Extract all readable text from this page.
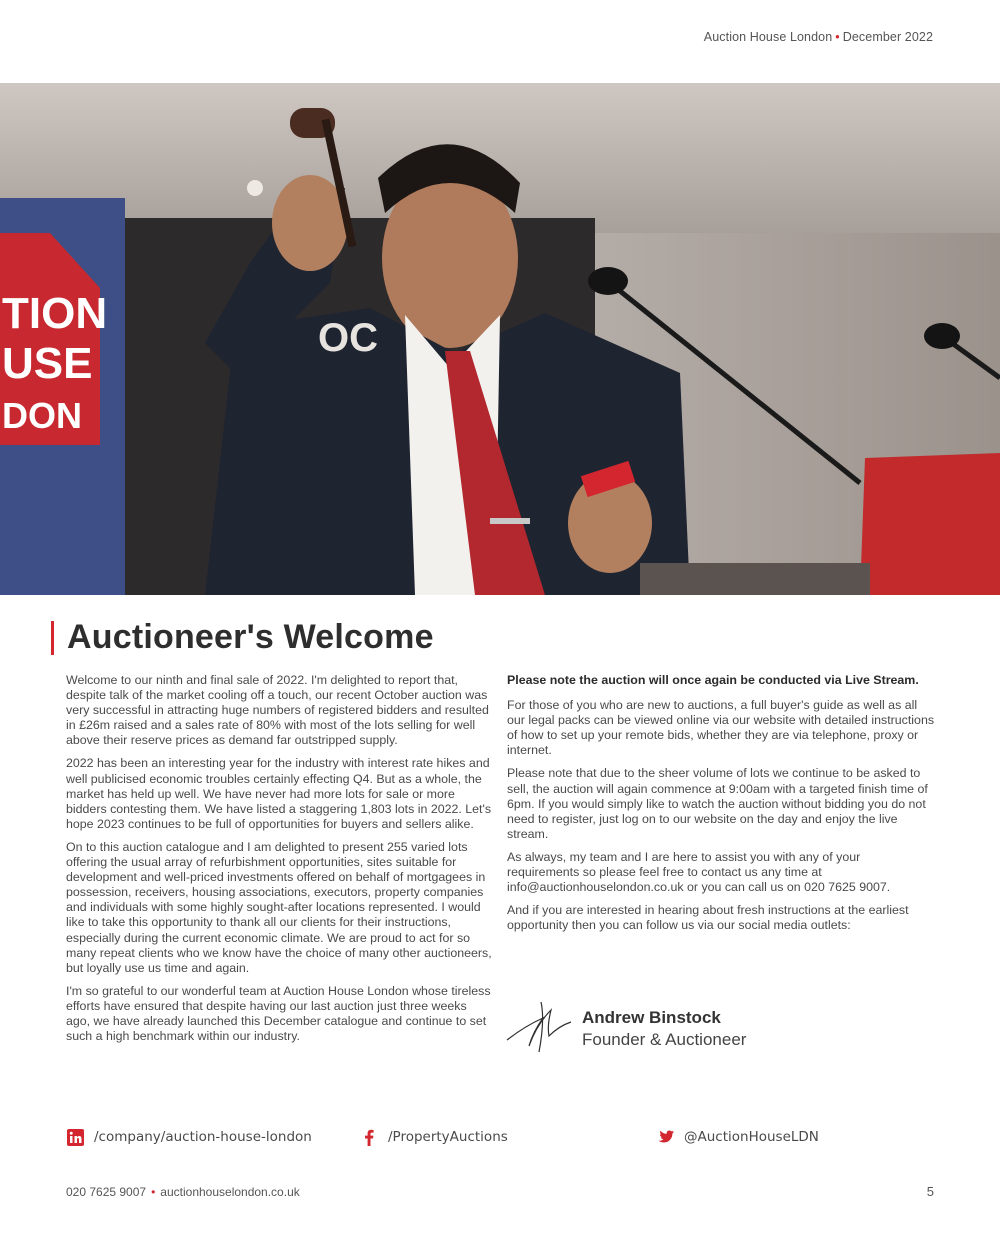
Auction House London • December 2022
TION
USE
DON
OC
Auctioneer's Welcome

Welcome to our ninth and final sale of 2022. I'm delighted to report that, despite talk of the market cooling off a touch, our recent October auction was very successful in attracting huge numbers of registered bidders and resulted in £26m raised and a sales rate of 80% with most of the lots selling for well above their reserve prices as demand far outstripped supply.

2022 has been an interesting year for the industry with interest rate hikes and well publicised economic troubles certainly effecting Q4. But as a whole, the market has held up well. We have never had more lots for sale or more bidders contesting them. We have listed a staggering 1,803 lots in 2022. Let's hope 2023 continues to be full of opportunities for buyers and sellers alike.

On to this auction catalogue and I am delighted to present 255 varied lots offering the usual array of refurbishment opportunities, sites suitable for development and well-priced investments offered on behalf of mortgagees in possession, receivers, housing associations, executors, property companies and individuals with some highly sought-after locations represented. I would like to take this opportunity to thank all our clients for their instructions, especially during the current economic climate. We are proud to act for so many repeat clients who we know have the choice of many other auctioneers, but loyally use us time and again.

I'm so grateful to our wonderful team at Auction House London whose tireless efforts have ensured that despite having our last auction just three weeks ago, we have already launched this December catalogue and continue to set such a high benchmark within our industry.

Please note the auction will once again be conducted via Live Stream.

For those of you who are new to auctions, a full buyer's guide as well as all our legal packs can be viewed online via our website with detailed instructions of how to set up your remote bids, whether they are via telephone, proxy or internet.

Please note that due to the sheer volume of lots we continue to be asked to sell, the auction will again commence at 9:00am with a targeted finish time of 6pm. If you would simply like to watch the auction without bidding you do not need to register, just log on to our website on the day and enjoy the live stream.

As always, my team and I are here to assist you with any of your requirements so please feel free to contact us any time at info@auctionhouselondon.co.uk or you can call us on 020 7625 9007.

And if you are interested in hearing about fresh instructions at the earliest opportunity then you can follow us via our social media outlets:

Andrew Binstock
Founder & Auctioneer
/company/auction-house-london	/PropertyAuctions	@AuctionHouseLDN
020 7625 9007 • auctionhouselondon.co.uk	5
